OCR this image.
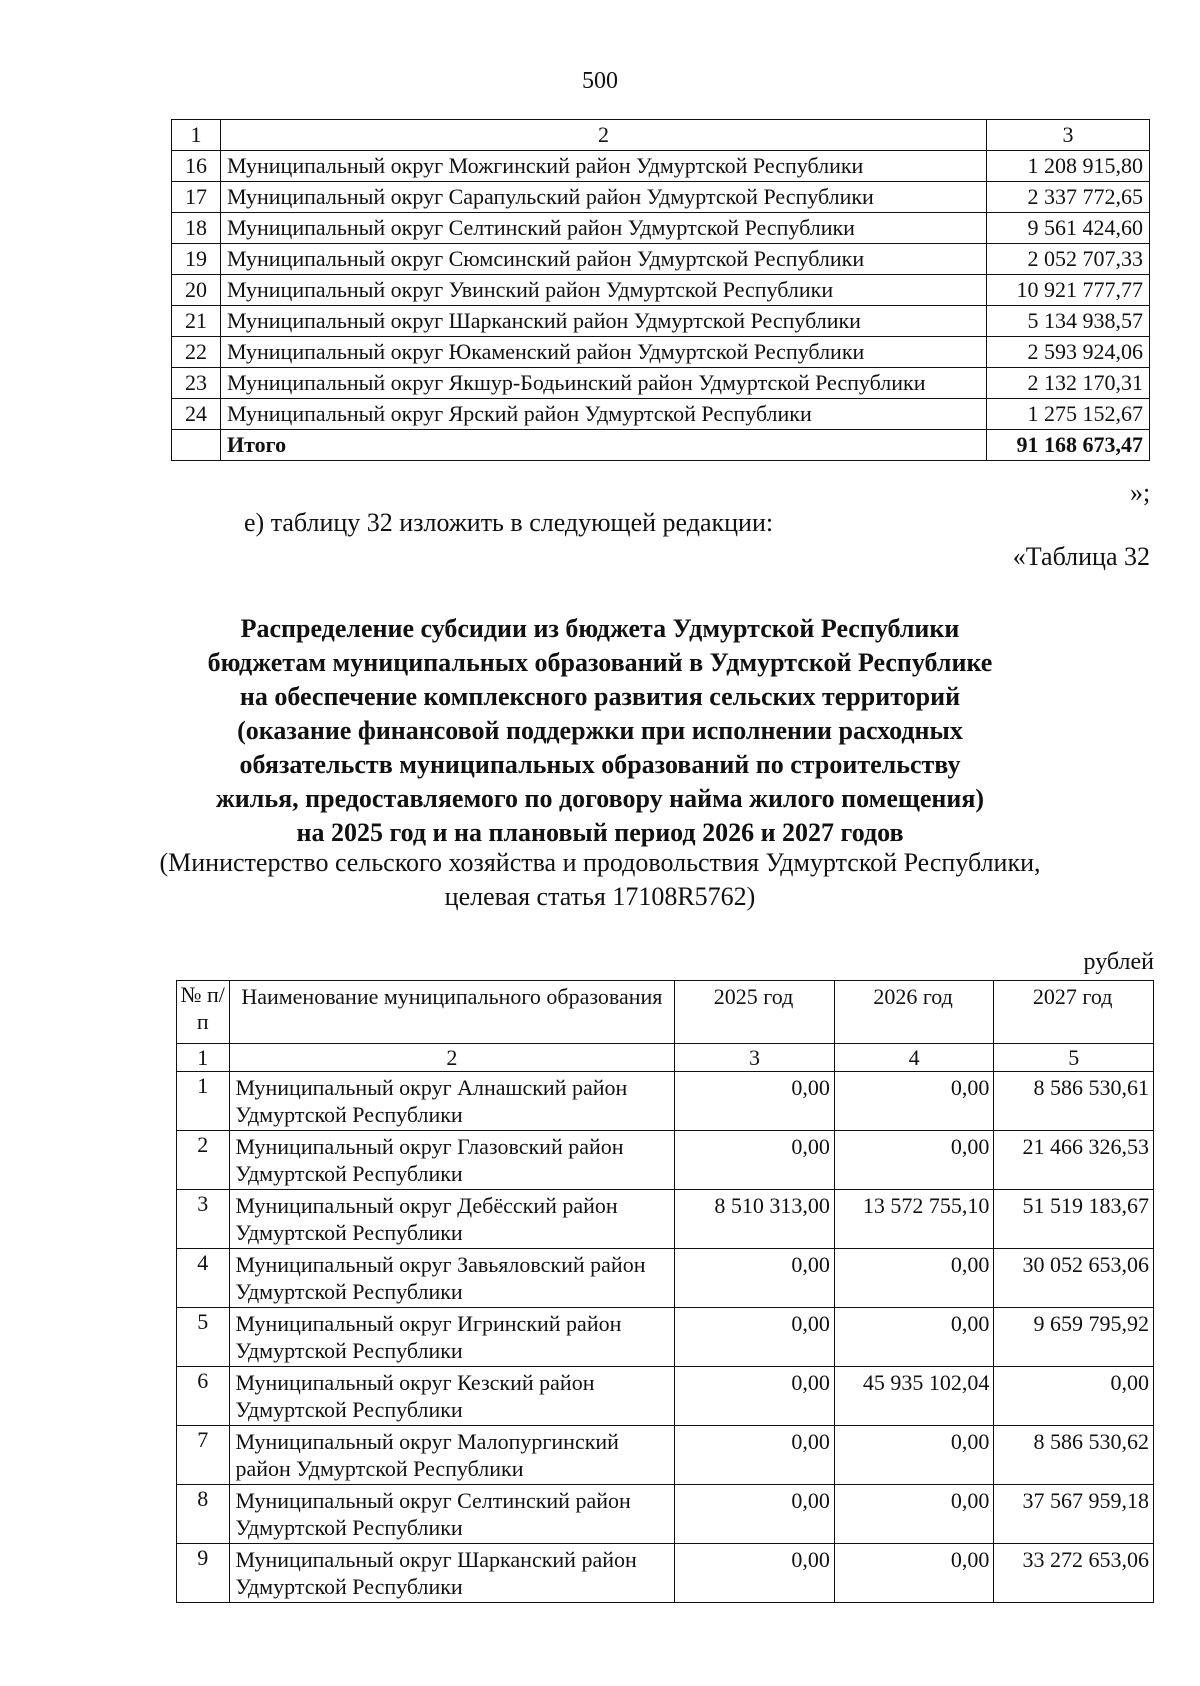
500
1	2	3
16	Муниципальный округ Можгинский район Удмуртской Республики	1 208 915,80
17	Муниципальный округ Сарапульский район Удмуртской Республики	2 337 772,65
18	Муниципальный округ Селтинский район Удмуртской Республики	9 561 424,60
19	Муниципальный округ Сюмсинский район Удмуртской Республики	2 052 707,33
20	Муниципальный округ Увинский район Удмуртской Республики	10 921 777,77
21	Муниципальный округ Шарканский район Удмуртской Республики	5 134 938,57
22	Муниципальный округ Юкаменский район Удмуртской Республики	2 593 924,06
23	Муниципальный округ Якшур-Бодьинский район Удмуртской Республики	2 132 170,31
24	Муниципальный округ Ярский район Удмуртской Республики	1 275 152,67
	Итого	91 168 673,47
»;
е) таблицу 32 изложить в следующей редакции:
«Таблица 32
Распределение субсидии из бюджета Удмуртской Республики
бюджетам муниципальных образований в Удмуртской Республике
на обеспечение комплексного развития сельских территорий
(оказание финансовой поддержки при исполнении расходных
обязательств муниципальных образований по строительству
жилья, предоставляемого по договору найма жилого помещения)
на 2025 год и на плановый период 2026 и 2027 годов
(Министерство сельского хозяйства и продовольствия Удмуртской Республики,
целевая статья 17108R5762)
рублей
№ п/п	Наименование муниципального образования	2025 год	2026 год	2027 год
1	2	3	4	5
1	Муниципальный округ Алнашский район Удмуртской Республики	0,00	0,00	8 586 530,61
2	Муниципальный округ Глазовский район Удмуртской Республики	0,00	0,00	21 466 326,53
3	Муниципальный округ Дебёсский район Удмуртской Республики	8 510 313,00	13 572 755,10	51 519 183,67
4	Муниципальный округ Завьяловский район Удмуртской Республики	0,00	0,00	30 052 653,06
5	Муниципальный округ Игринский район Удмуртской Республики	0,00	0,00	9 659 795,92
6	Муниципальный округ Кезский район Удмуртской Республики	0,00	45 935 102,04	0,00
7	Муниципальный округ Малопургинский район Удмуртской Республики	0,00	0,00	8 586 530,62
8	Муниципальный округ Селтинский район Удмуртской Республики	0,00	0,00	37 567 959,18
9	Муниципальный округ Шарканский район Удмуртской Республики	0,00	0,00	33 272 653,06
